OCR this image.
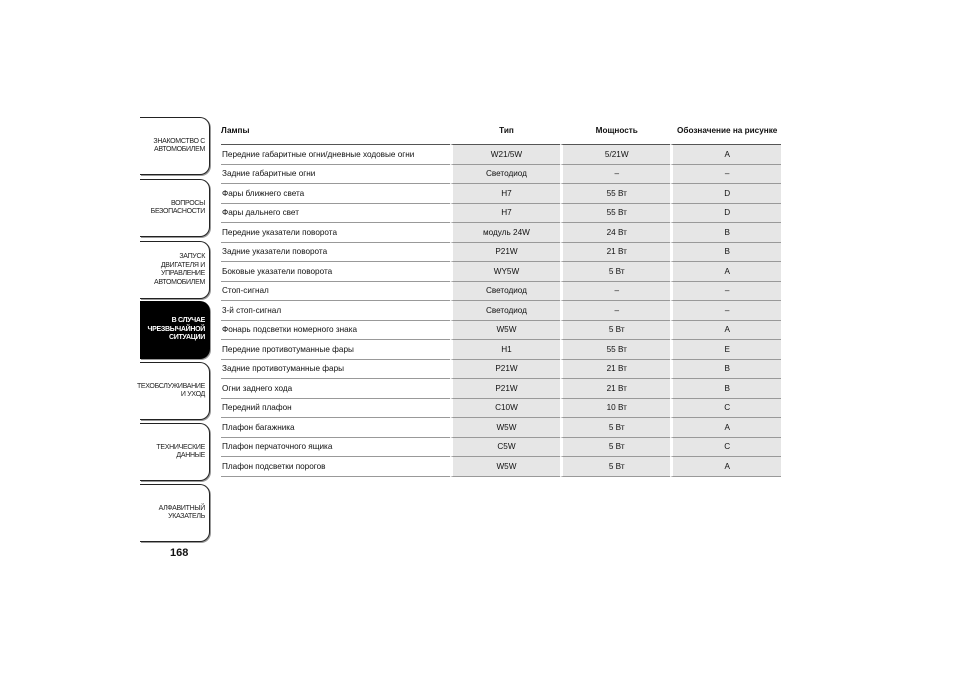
ЗНАКОМСТВО С
АВТОМОБИЛЕМ
ВОПРОСЫ
БЕЗОПАСНОСТИ
ЗАПУСК ДВИГАТЕЛЯ И
УПРАВЛЕНИЕ
АВТОМОБИЛЕМ
В СЛУЧАЕ
ЧРЕЗВЫЧАЙНОЙ
СИТУАЦИИ
ТЕХОБСЛУЖИВАНИЕ
И УХОД
ТЕХНИЧЕСКИЕ
ДАННЫЕ
АЛФАВИТНЫЙ
УКАЗАТЕЛЬ
168
Лампы	Тип	Мощность	Обозначение на рисунке
Передние габаритные огни/дневные ходовые огни	W21/5W	5/21W	A
Задние габаритные огни	Светодиод	–	–
Фары ближнего света	H7	55 Вт	D
Фары дальнего свет	H7	55 Вт	D
Передние указатели поворота	модуль 24W	24 Вт	B
Задние указатели поворота	P21W	21 Вт	B
Боковые указатели поворота	WY5W	5 Вт	A
Стоп-сигнал	Светодиод	–	–
3-й стоп-сигнал	Светодиод	–	–
Фонарь подсветки номерного знака	W5W	5 Вт	A
Передние противотуманные фары	H1	55 Вт	E
Задние противотуманные фары	P21W	21 Вт	B
Огни заднего хода	P21W	21 Вт	B
Передний плафон	C10W	10 Вт	C
Плафон багажника	W5W	5 Вт	A
Плафон перчаточного ящика	C5W	5 Вт	C
Плафон подсветки порогов	W5W	5 Вт	A
